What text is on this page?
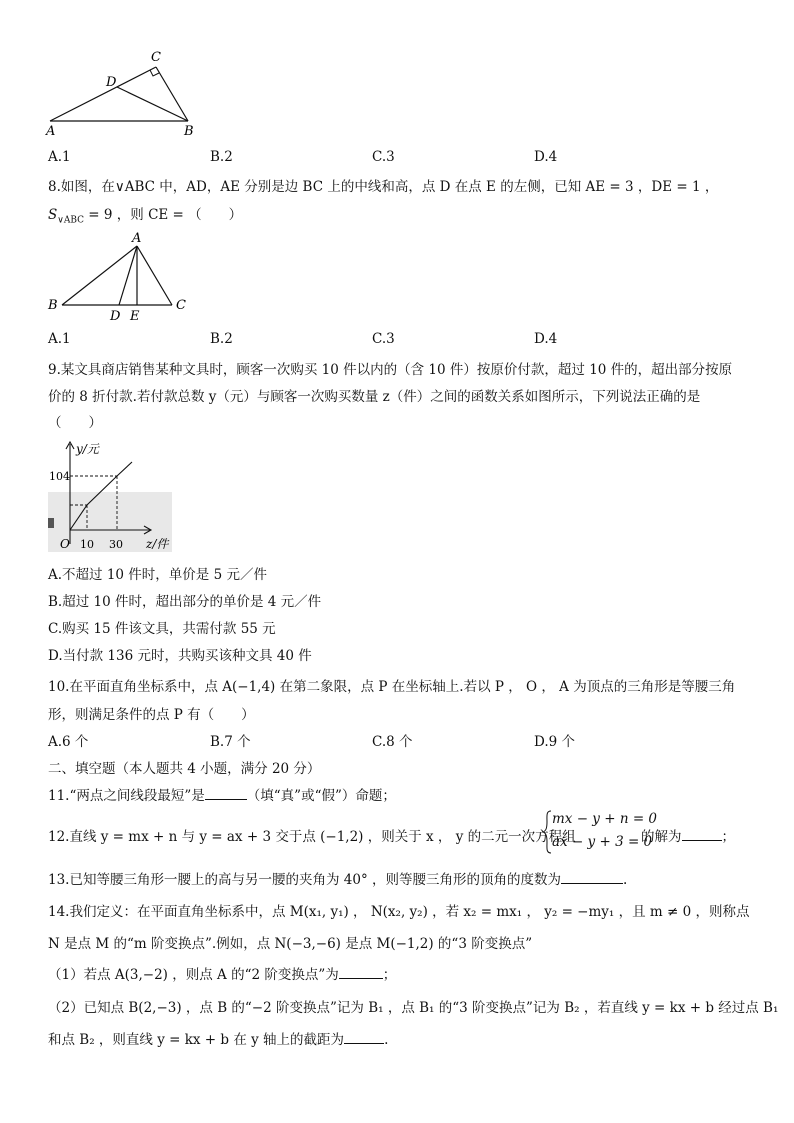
C
D
A	B
A.1	B.2	C.3	D.4
8.如图，在∨ABC 中，AD，AE 分别是边 BC 上的中线和高，点 D 在点 E 的左侧，已知 AE = 3 ，DE = 1 ，
$S_{\vee ABC} = 9$ ，则 CE = （　　）
A
B
D E
C
A.1	B.2	C.3	D.4
9.某文具商店销售某种文具时，顾客一次购买 10 件以内的（含 10 件）按原价付款，超过 10 件的，超出部分按原
价的 8 折付款.若付款总数 y（元）与顾客一次购买数量 z（件）之间的函数关系如图所示，下列说法正确的是
（　　）
y/元
104
O 10 30 z/件
A.不超过 10 件时，单价是 5 元／件
B.超过 10 件时，超出部分的单价是 4 元／件
C.购买 15 件该文具，共需付款 55 元
D.当付款 136 元时，共购买该种文具 40 件
10.在平面直角坐标系中，点 A(−1,4) 在第二象限，点 P 在坐标轴上.若以 P ， O ， A 为顶点的三角形是等腰三角
形，则满足条件的点 P 有（　　）
A.6 个	B.7 个	C.8 个	D.9 个
二、填空题（本人题共 4 小题，满分 20 分）
11.“两点之间线段最短”是	（填“真”或“假”）命题；
12.直线 y = mx + n 与 y = ax + 3 交于点 (−1,2) ，则关于 x ， y 的二元一次方程组
mx − y + n = 0
ax − y + 3 = 0
的解为	；
13.已知等腰三角形一腰上的高与另一腰的夹角为 40° ，则等腰三角形的顶角的度数为	.
14.我们定义：在平面直角坐标系中，点 M(x₁, y₁) ， N(x₂, y₂) ，若 x₂ = mx₁ ， y₂ = −my₁ ，且 m ≠ 0 ，则称点
N 是点 M 的“m 阶变换点”.例如，点 N(−3,−6) 是点 M(−1,2) 的“3 阶变换点”
（1）若点 A(3,−2) ，则点 A 的“2 阶变换点”为	；
（2）已知点 B(2,−3) ，点 B 的“−2 阶变换点”记为 B₁ ，点 B₁ 的“3 阶变换点”记为 B₂ ，若直线 y = kx + b 经过点 B₁
和点 B₂ ，则直线 y = kx + b 在 y 轴上的截距为	.
